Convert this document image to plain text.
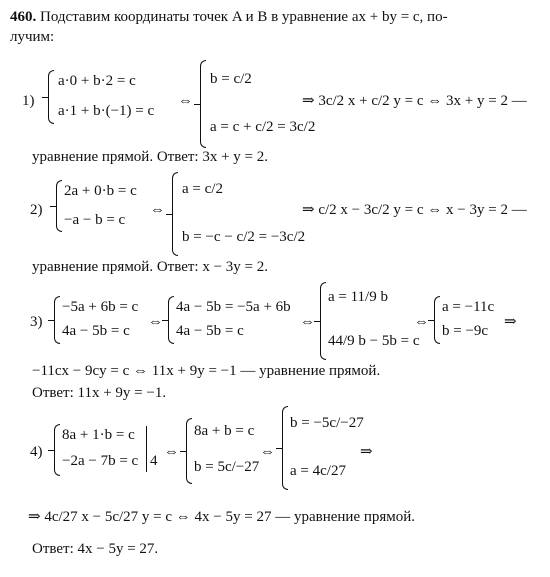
460. Подставим координаты точек A и B в уравнение ax + by = c, по-
лучим:
1)
a·0 + b·2 = c
a·1 + b·(−1) = c
⇔
b = c/2
a = c + c/2 = 3c/2
⇒ 3c/2 x + c/2 y = c ⇔ 3x + y = 2 —
уравнение прямой. Ответ: 3x + y = 2.
2)
2a + 0·b = c
−a − b = c
⇔
a = c/2
b = −c − c/2 = −3c/2
⇒ c/2 x − 3c/2 y = c ⇔ x − 3y = 2 —
уравнение прямой. Ответ: x − 3y = 2.
3)
−5a + 6b = c
4a − 5b = c
⇔
4a − 5b = −5a + 6b
4a − 5b = c
⇔
a = 11/9 b
44/9 b − 5b = c
⇔
a = −11c
b = −9c
⇒
−11cx − 9cy = c ⇔ 11x + 9y = −1 — уравнение прямой.
Ответ: 11x + 9y = −1.
4)
8a + 1·b = c
−2a − 7b = c 4
⇔
8a + b = c
b = 5c/−27
⇔
b = −5c/−27
a = 4c/27
⇒
⇒ 4c/27 x − 5c/27 y = c ⇔ 4x − 5y = 27 — уравнение прямой.
Ответ: 4x − 5y = 27.
